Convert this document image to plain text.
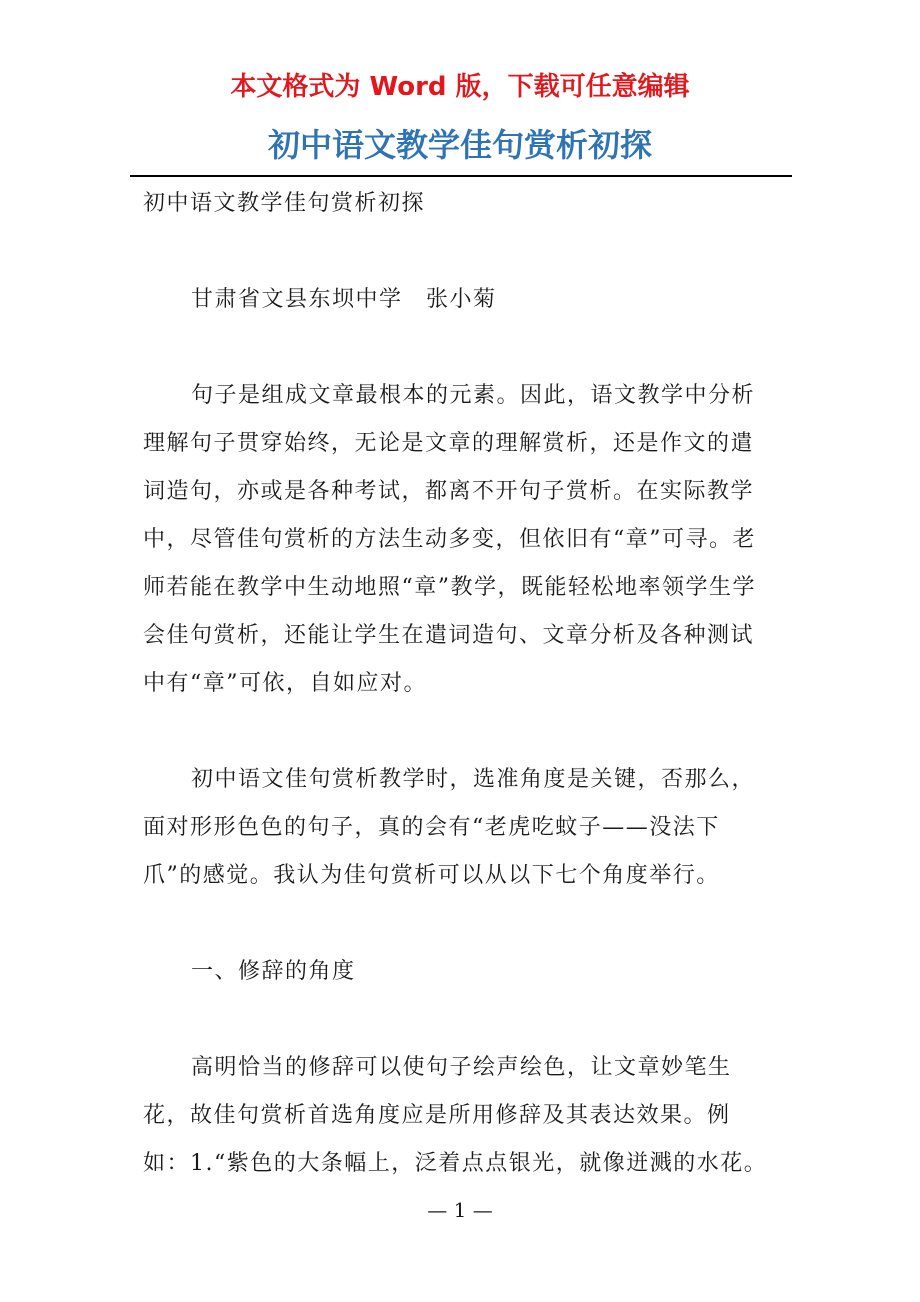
本文格式为 Word 版，下载可任意编辑
初中语文教学佳句赏析初探

初中语文教学佳句赏析初探

甘肃省文县东坝中学　张小菊

句子是组成文章最根本的元素。因此，语文教学中分析理解句子贯穿始终，无论是文章的理解赏析，还是作文的遣词造句，亦或是各种考试，都离不开句子赏析。在实际教学中，尽管佳句赏析的方法生动多变，但依旧有“章”可寻。老师若能在教学中生动地照“章”教学，既能轻松地率领学生学会佳句赏析，还能让学生在遣词造句、文章分析及各种测试中有“章”可依，自如应对。

初中语文佳句赏析教学时，选准角度是关键，否那么，面对形形色色的句子，真的会有“老虎吃蚊子——没法下爪”的感觉。我认为佳句赏析可以从以下七个角度举行。

一、修辞的角度

高明恰当的修辞可以使句子绘声绘色，让文章妙笔生花，故佳句赏析首选角度应是所用修辞及其表达效果。例如：1.“紫色的大条幅上，泛着点点银光，就像迸溅的水花。

— 1 —
